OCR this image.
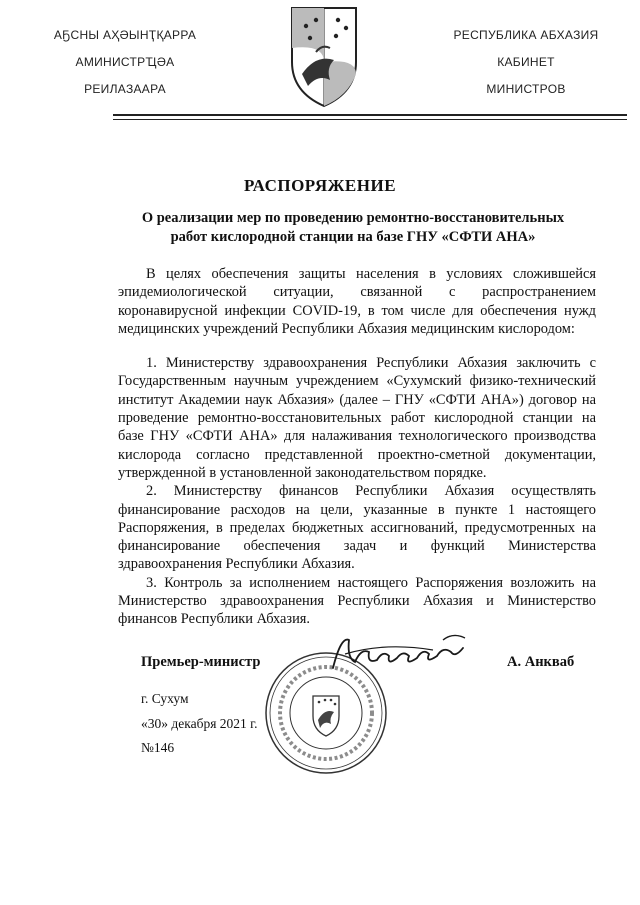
АҔСНЫ АҲӘЫНҬҚАРРА
АМИНИСТРҴӘА
РЕИЛАЗААРА
РЕСПУБЛИКА АБХАЗИЯ
КАБИНЕТ
МИНИСТРОВ
РАСПОРЯЖЕНИЕ
О реализации мер по проведению ремонтно-восстановительных
работ кислородной станции на базе ГНУ «СФТИ АНА»

В целях обеспечения защиты населения в условиях сложившейся эпидемиологической ситуации, связанной с распространением коронавирусной инфекции COVID-19, в том числе для обеспечения нужд медицинских учреждений Республики Абхазия медицинским кислородом:

1. Министерству здравоохранения Республики Абхазия заключить с Государственным научным учреждением «Сухумский физико-технический институт Академии наук Абхазия» (далее – ГНУ «СФТИ АНА») договор на проведение ремонтно-восстановительных работ кислородной станции на базе ГНУ «СФТИ АНА» для налаживания технологического производства кислорода согласно представленной проектно-сметной документации, утвержденной в установленной законодательством порядке.

2. Министерству финансов Республики Абхазия осуществлять финансирование расходов на цели, указанные в пункте 1 настоящего Распоряжения, в пределах бюджетных ассигнований, предусмотренных на финансирование обеспечения задач и функций Министерства здравоохранения Республики Абхазия.

3. Контроль за исполнением настоящего Распоряжения возложить на Министерство здравоохранения Республики Абхазия и Министерство финансов Республики Абхазия.

Премьер-министр	А. Анкваб
г. Сухум
«30» декабря 2021 г.
№146
